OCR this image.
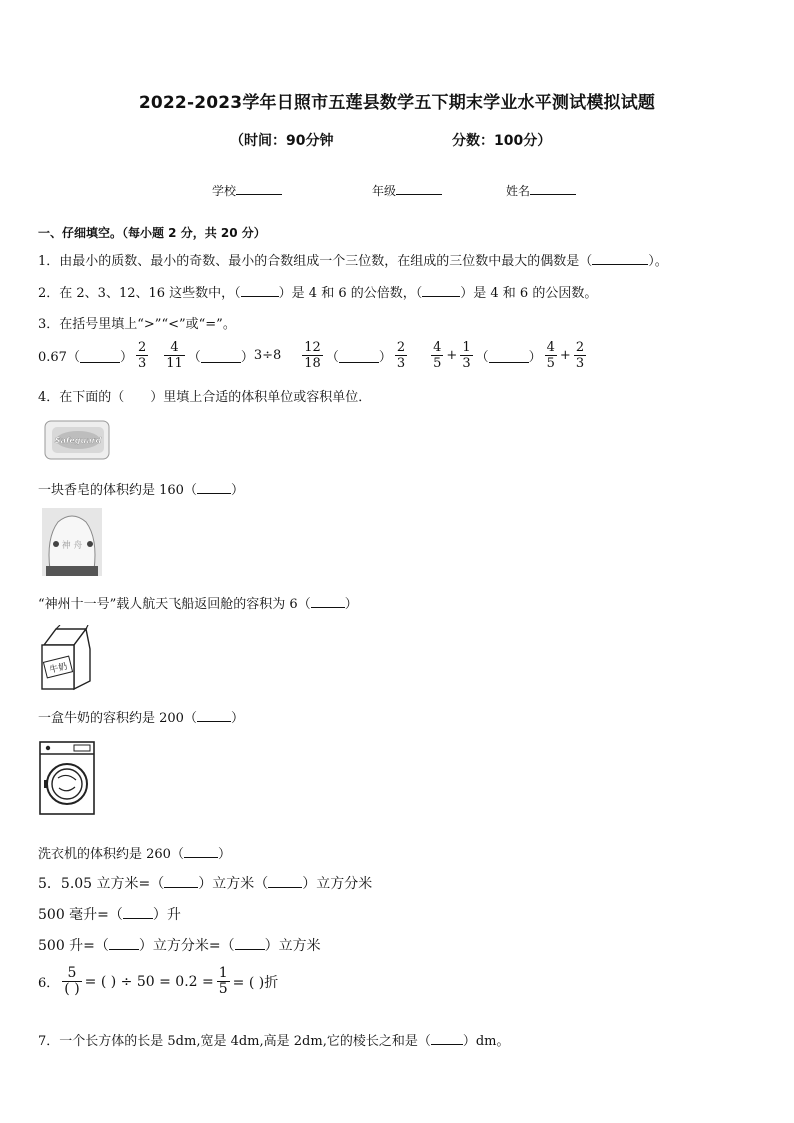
2022-2023学年日照市五莲县数学五下期末学业水平测试模拟试题
（时间：90分钟	分数：100分）
学校	年级	姓名
一、仔细填空。（每小题 2 分，共 20 分）
1．由最小的质数、最小的奇数、最小的合数组成一个三位数，在组成的三位数中最大的偶数是（	）。
2．在 2、3、12、16 这些数中，（	）是 4 和 6 的公倍数，（	）是 4 和 6 的公因数。
3．在括号里填上“>”“<”或“=”。
0.67（	） $\frac{2}{3} \frac{4}{11}$ （	） $3\div 8 \frac{12}{18}$ （	） $\frac{2}{3} \frac{4}{5} + \frac{1}{3}$ （	） $\frac{4}{5} + \frac{2}{3}$
4．在下面的（　　）里填上合适的体积单位或容积单位．
Safeguard
一块香皂的体积约是 160（	）
神 舟
“神州十一号”载人航天飞船返回舱的容积为 6（	）
牛奶
一盒牛奶的容积约是 200（	）
洗衣机的体积约是 260（	）
5．5.05 立方米=（ ）立方米（ ）立方分米
500 毫升=（ ）升
500 升=（ ）立方分米=（ ）立方米
6． $\frac{5}{( )}$ = ( ) ÷ $50 = 0.2 = \frac{1}{5}$ = ( )折
7．一个长方体的长是 5dm,宽是 4dm,高是 2dm,它的棱长之和是（ ）dm。
